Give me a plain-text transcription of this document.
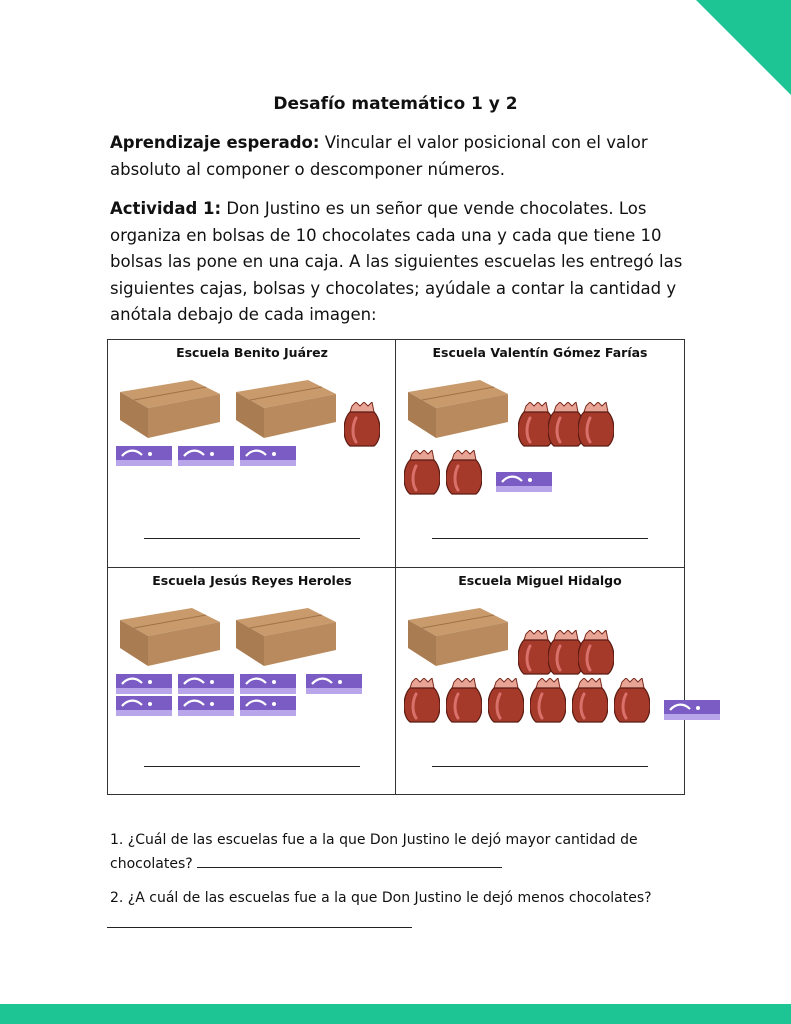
Desafío matemático 1 y 2
Aprendizaje esperado: Vincular el valor posicional con el valor absoluto al componer o descomponer números.
Actividad 1: Don Justino es un señor que vende chocolates. Los organiza en bolsas de 10 chocolates cada una y cada que tiene 10 bolsas las pone en una caja. A las siguientes escuelas les entregó las siguientes cajas, bolsas y chocolates; ayúdale a contar la cantidad y anótala debajo de cada imagen:
Escuela Benito Juárez	Escuela Valentín Gómez Farías
Escuela Jesús Reyes Heroles	Escuela Miguel Hidalgo
1. ¿Cuál de las escuelas fue a la que Don Justino le dejó mayor cantidad de chocolates?
2. ¿A cuál de las escuelas fue a la que Don Justino le dejó menos chocolates?
